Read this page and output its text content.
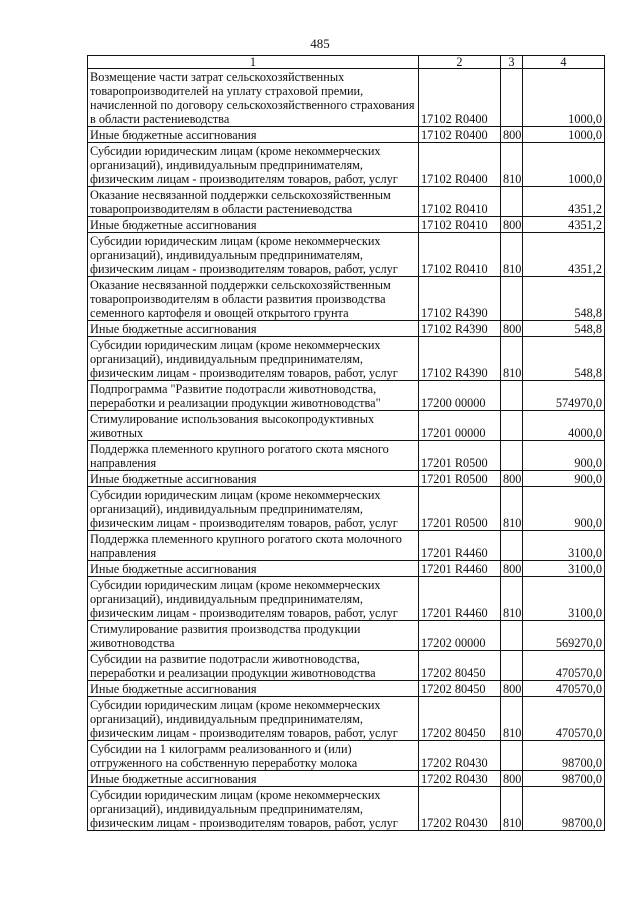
485
1	2	3	4
Возмещение части затрат сельскохозяйственных товаропроизводителей на уплату страховой премии, начисленной по договору сельскохозяйственного страхования в области растениеводства	17102 R0400		1000,0
Иные бюджетные ассигнования	17102 R0400	800	1000,0
Субсидии юридическим лицам (кроме некоммерческих организаций), индивидуальным предпринимателям, физическим лицам - производителям товаров, работ, услуг	17102 R0400	810	1000,0
Оказание несвязанной поддержки сельскохозяйственным товаропроизводителям в области растениеводства	17102 R0410		4351,2
Иные бюджетные ассигнования	17102 R0410	800	4351,2
Субсидии юридическим лицам (кроме некоммерческих организаций), индивидуальным предпринимателям, физическим лицам - производителям товаров, работ, услуг	17102 R0410	810	4351,2
Оказание несвязанной поддержки сельскохозяйственным товаропроизводителям в области развития производства семенного картофеля и овощей открытого грунта	17102 R4390		548,8
Иные бюджетные ассигнования	17102 R4390	800	548,8
Субсидии юридическим лицам (кроме некоммерческих организаций), индивидуальным предпринимателям, физическим лицам - производителям товаров, работ, услуг	17102 R4390	810	548,8
Подпрограмма "Развитие подотрасли животноводства, переработки и реализации продукции животноводства"	17200 00000		574970,0
Стимулирование использования высокопродуктивных животных	17201 00000		4000,0
Поддержка племенного крупного рогатого скота мясного направления	17201 R0500		900,0
Иные бюджетные ассигнования	17201 R0500	800	900,0
Субсидии юридическим лицам (кроме некоммерческих организаций), индивидуальным предпринимателям, физическим лицам - производителям товаров, работ, услуг	17201 R0500	810	900,0
Поддержка племенного крупного рогатого скота молочного направления	17201 R4460		3100,0
Иные бюджетные ассигнования	17201 R4460	800	3100,0
Субсидии юридическим лицам (кроме некоммерческих организаций), индивидуальным предпринимателям, физическим лицам - производителям товаров, работ, услуг	17201 R4460	810	3100,0
Стимулирование развития производства продукции животноводства	17202 00000		569270,0
Субсидии на развитие подотрасли животноводства, переработки и реализации продукции животноводства	17202 80450		470570,0
Иные бюджетные ассигнования	17202 80450	800	470570,0
Субсидии юридическим лицам (кроме некоммерческих организаций), индивидуальным предпринимателям, физическим лицам - производителям товаров, работ, услуг	17202 80450	810	470570,0
Субсидии на 1 килограмм реализованного и (или) отгруженного на собственную переработку молока	17202 R0430		98700,0
Иные бюджетные ассигнования	17202 R0430	800	98700,0
Субсидии юридическим лицам (кроме некоммерческих организаций), индивидуальным предпринимателям, физическим лицам - производителям товаров, работ, услуг	17202 R0430	810	98700,0
